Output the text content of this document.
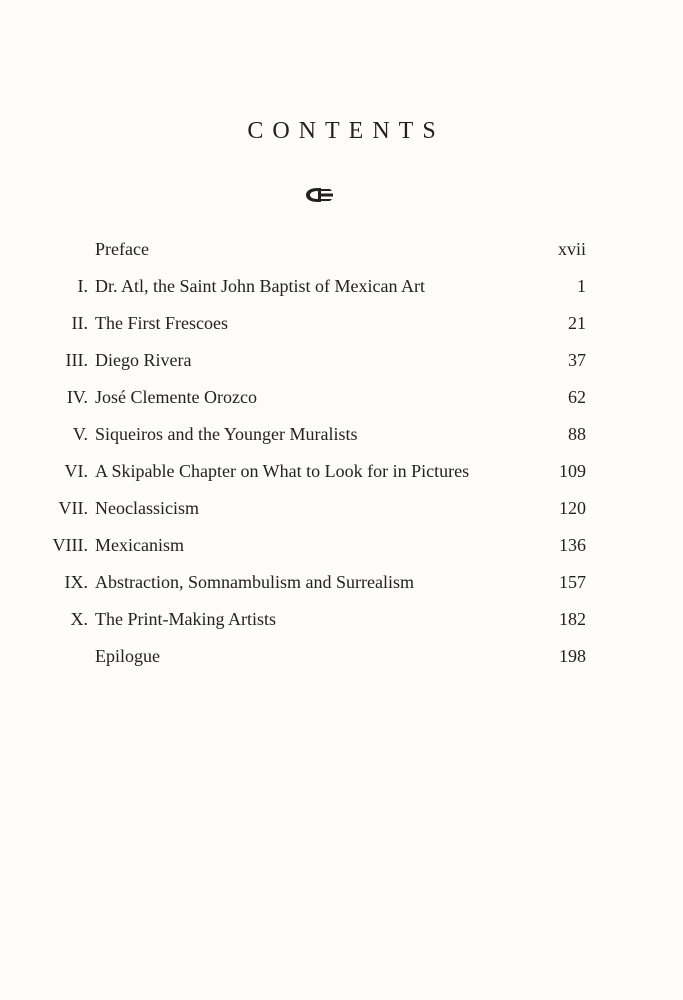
CONTENTS
Preface	xvii
I. Dr. Atl, the Saint John Baptist of Mexican Art	1
II. The First Frescoes	21
III. Diego Rivera	37
IV. José Clemente Orozco	62
V. Siqueiros and the Younger Muralists	88
VI. A Skipable Chapter on What to Look for in Pictures	109
VII. Neoclassicism	120
VIII. Mexicanism	136
IX. Abstraction, Somnambulism and Surrealism	157
X. The Print-Making Artists	182
Epilogue	198
